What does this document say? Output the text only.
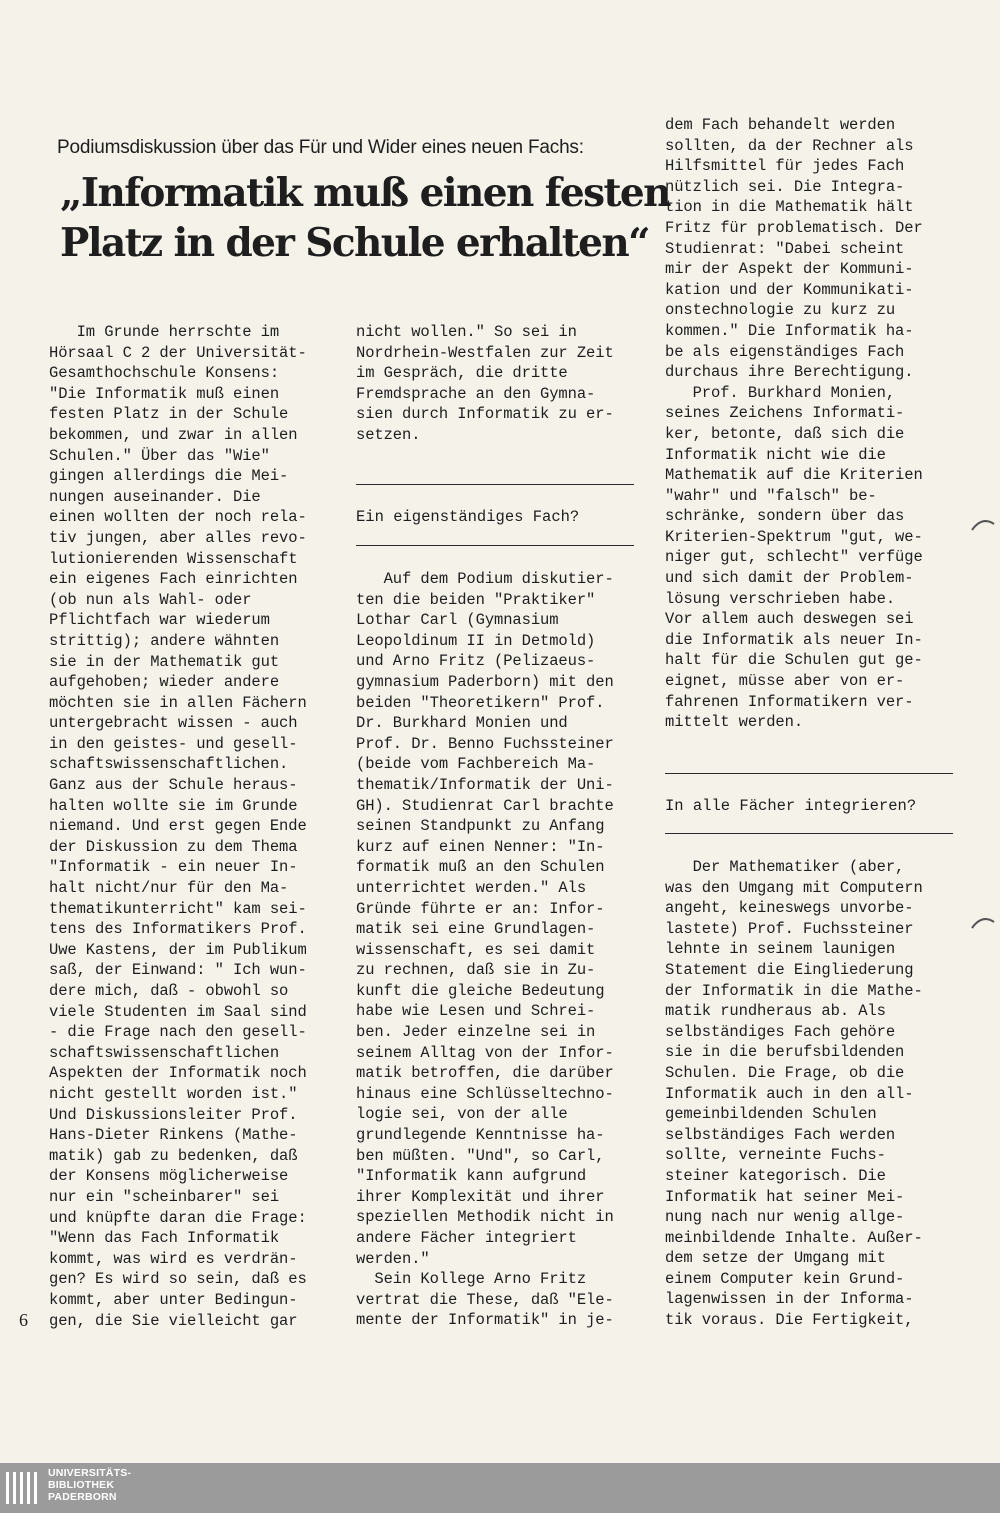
Podiumsdiskussion über das Für und Wider eines neuen Fachs:
„Informatik muß einen festen
Platz in der Schule erhalten“

Im Grunde herrschte im

Hörsaal C 2 der Universität-

Gesamthochschule Konsens:

"Die Informatik muß einen

festen Platz in der Schule

bekommen, und zwar in allen

Schulen." Über das "Wie"

gingen allerdings die Mei-

nungen auseinander. Die

einen wollten der noch rela-

tiv jungen, aber alles revo-

lutionierenden Wissenschaft

ein eigenes Fach einrichten

(ob nun als Wahl- oder

Pflichtfach war wiederum

strittig); andere wähnten

sie in der Mathematik gut

aufgehoben; wieder andere

möchten sie in allen Fächern

untergebracht wissen - auch

in den geistes- und gesell-

schaftswissenschaftlichen.

Ganz aus der Schule heraus-

halten wollte sie im Grunde

niemand. Und erst gegen Ende

der Diskussion zu dem Thema

"Informatik - ein neuer In-

halt nicht/nur für den Ma-

thematikunterricht" kam sei-

tens des Informatikers Prof.

Uwe Kastens, der im Publikum

saß, der Einwand: " Ich wun-

dere mich, daß - obwohl so

viele Studenten im Saal sind

- die Frage nach den gesell-

schaftswissenschaftlichen

Aspekten der Informatik noch

nicht gestellt worden ist."

Und Diskussionsleiter Prof.

Hans-Dieter Rinkens (Mathe-

matik) gab zu bedenken, daß

der Konsens möglicherweise

nur ein "scheinbarer" sei

und knüpfte daran die Frage:

"Wenn das Fach Informatik

kommt, was wird es verdrän-

gen? Es wird so sein, daß es

kommt, aber unter Bedingun-

gen, die Sie vielleicht gar

nicht wollen." So sei in

Nordrhein-Westfalen zur Zeit

im Gespräch, die dritte

Fremdsprache an den Gymna-

sien durch Informatik zu er-

setzen.

Ein eigenständiges Fach?

Auf dem Podium diskutier-

ten die beiden "Praktiker"

Lothar Carl (Gymnasium

Leopoldinum II in Detmold)

und Arno Fritz (Pelizaeus-

gymnasium Paderborn) mit den

beiden "Theoretikern" Prof.

Dr. Burkhard Monien und

Prof. Dr. Benno Fuchssteiner

(beide vom Fachbereich Ma-

thematik/Informatik der Uni-

GH). Studienrat Carl brachte

seinen Standpunkt zu Anfang

kurz auf einen Nenner: "In-

formatik muß an den Schulen

unterrichtet werden." Als

Gründe führte er an: Infor-

matik sei eine Grundlagen-

wissenschaft, es sei damit

zu rechnen, daß sie in Zu-

kunft die gleiche Bedeutung

habe wie Lesen und Schrei-

ben. Jeder einzelne sei in

seinem Alltag von der Infor-

matik betroffen, die darüber

hinaus eine Schlüsseltechno-

logie sei, von der alle

grundlegende Kenntnisse ha-

ben müßten. "Und", so Carl,

"Informatik kann aufgrund

ihrer Komplexität und ihrer

speziellen Methodik nicht in

andere Fächer integriert

werden."

Sein Kollege Arno Fritz

vertrat die These, daß "Ele-

mente der Informatik" in je-

dem Fach behandelt werden

sollten, da der Rechner als

Hilfsmittel für jedes Fach

nützlich sei. Die Integra-

tion in die Mathematik hält

Fritz für problematisch. Der

Studienrat: "Dabei scheint

mir der Aspekt der Kommuni-

kation und der Kommunikati-

onstechnologie zu kurz zu

kommen." Die Informatik ha-

be als eigenständiges Fach

durchaus ihre Berechtigung.

Prof. Burkhard Monien,

seines Zeichens Informati-

ker, betonte, daß sich die

Informatik nicht wie die

Mathematik auf die Kriterien

"wahr" und "falsch" be-

schränke, sondern über das

Kriterien-Spektrum "gut, we-

niger gut, schlecht" verfüge

und sich damit der Problem-

lösung verschrieben habe.

Vor allem auch deswegen sei

die Informatik als neuer In-

halt für die Schulen gut ge-

eignet, müsse aber von er-

fahrenen Informatikern ver-

mittelt werden.

In alle Fächer integrieren?

Der Mathematiker (aber,

was den Umgang mit Computern

angeht, keineswegs unvorbe-

lastete) Prof. Fuchssteiner

lehnte in seinem launigen

Statement die Eingliederung

der Informatik in die Mathe-

matik rundheraus ab. Als

selbständiges Fach gehöre

sie in die berufsbildenden

Schulen. Die Frage, ob die

Informatik auch in den all-

gemeinbildenden Schulen

selbständiges Fach werden

sollte, verneinte Fuchs-

steiner kategorisch. Die

Informatik hat seiner Mei-

nung nach nur wenig allge-

meinbildende Inhalte. Außer-

dem setze der Umgang mit

einem Computer kein Grund-

lagenwissen in der Informa-

tik voraus. Die Fertigkeit,

6
UNIVERSITÄTS-
BIBLIOTHEK
PADERBORN
